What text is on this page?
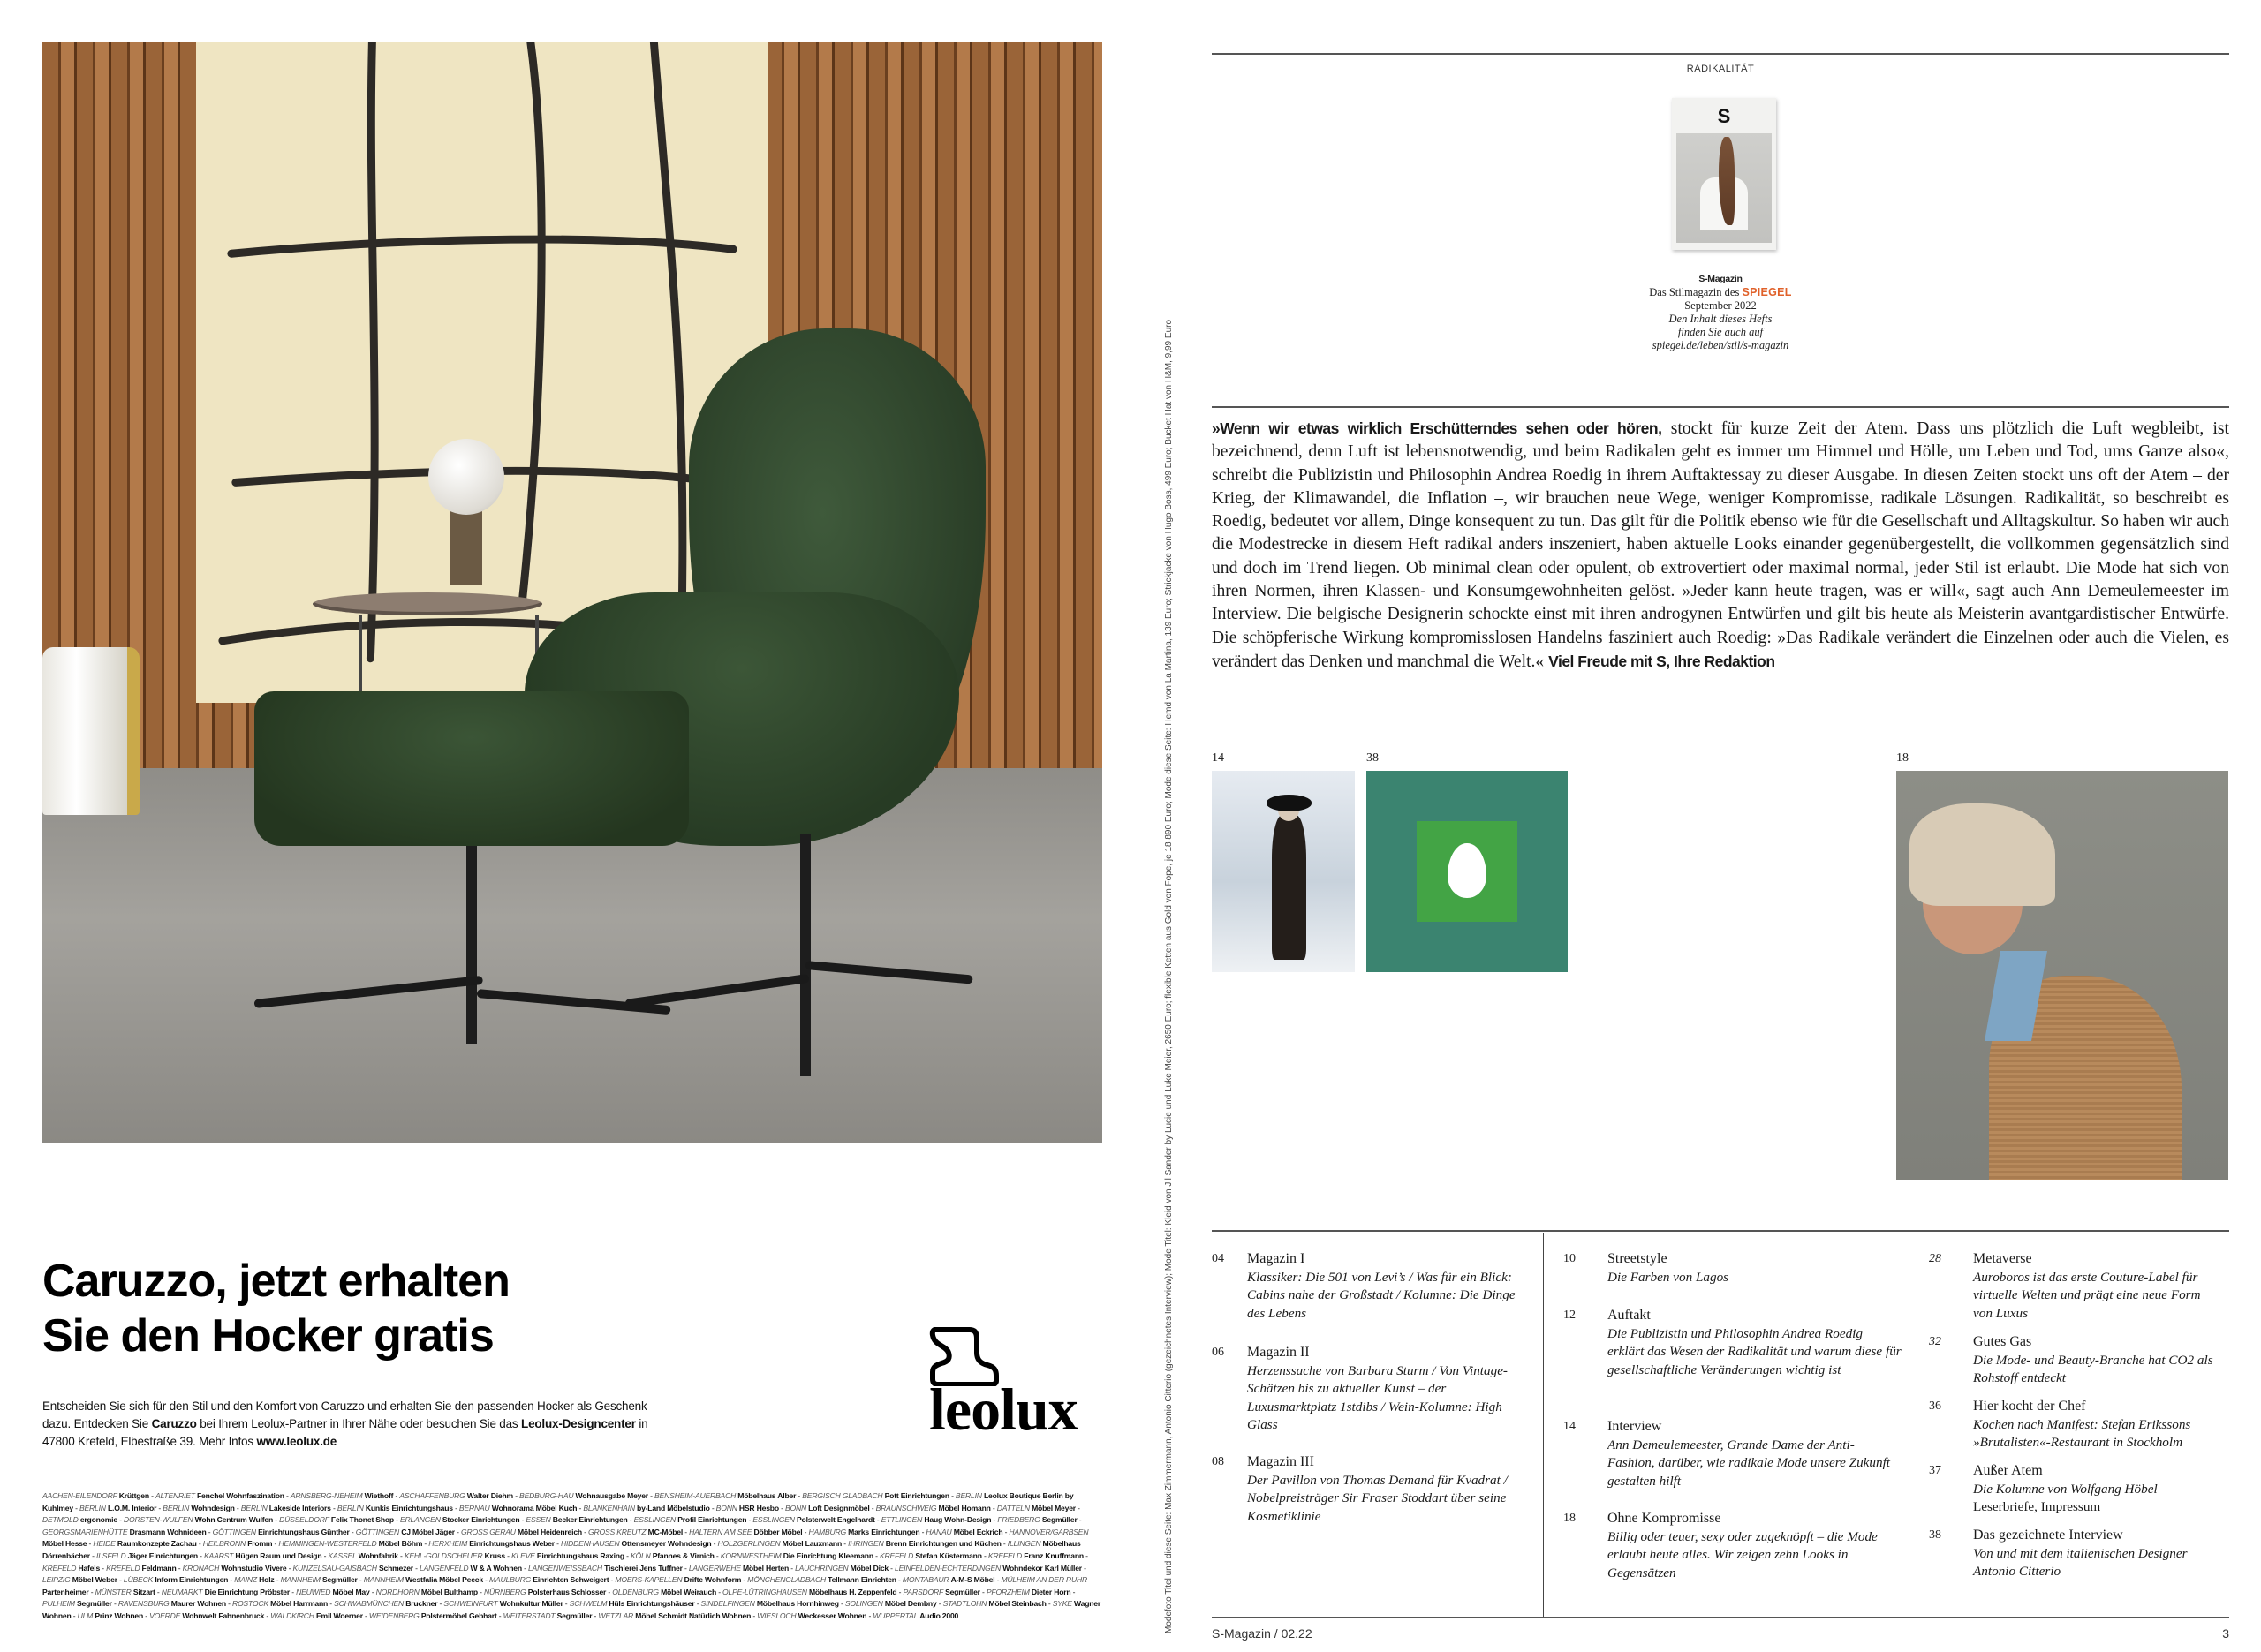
Caruzzo, jetzt erhalten
Sie den Hocker gratis
Entscheiden Sie sich für den Stil und den Komfort von Caruzzo und erhalten Sie den passenden Hocker als Geschenk dazu. Entdecken Sie Caruzzo bei Ihrem Leolux-Partner in Ihrer Nähe oder besuchen Sie das Leolux-Designcenter in 47800 Krefeld, Elbestraße 39. Mehr Infos www.leolux.de	leolux
AACHEN-EILENDORF Krüttgen - ALTENRIET Fenchel Wohnfaszination - ARNSBERG-NEHEIM Wiethoff - ASCHAFFENBURG Walter Diehm - BEDBURG-HAU Wohnausgabe Meyer - BENSHEIM-AUERBACH Möbelhaus Alber - BERGISCH GLADBACH Pott Einrichtungen - BERLIN Leolux Boutique Berlin by Kuhlmey - BERLIN L.O.M. Interior - BERLIN Wohndesign - BERLIN Lakeside Interiors - BERLIN Kunkis Einrichtungshaus - BERNAU Wohnorama Möbel Kuch - BLANKENHAIN by-Land Möbelstudio - BONN HSR Hesbo - BONN Loft Designmöbel - BRAUNSCHWEIG Möbel Homann - DATTELN Möbel Meyer - DETMOLD ergonomie - DORSTEN-WULFEN Wohn Centrum Wulfen - DÜSSELDORF Felix Thonet Shop - ERLANGEN Stocker Einrichtungen - ESSEN Becker Einrichtungen - ESSLINGEN Profil Einrichtungen - ESSLINGEN Polsterwelt Engelhardt - ETTLINGEN Haug Wohn-Design - FRIEDBERG Segmüller - GEORGSMARIENHÜTTE Drasmann Wohnideen - GÖTTINGEN Einrichtungshaus Günther - GÖTTINGEN CJ Möbel Jäger - GROSS GERAU Möbel Heidenreich - GROSS KREUTZ MC-Möbel - HALTERN AM SEE Döbber Möbel - HAMBURG Marks Einrichtungen - HANAU Möbel Eckrich - HANNOVER/GARBSEN Möbel Hesse - HEIDE Raumkonzepte Zachau - HEILBRONN Fromm - HEMMINGEN-WESTERFELD Möbel Böhm - HERXHEIM Einrichtungshaus Weber - HIDDENHAUSEN Ottensmeyer Wohndesign - HOLZGERLINGEN Möbel Lauxmann - IHRINGEN Brenn Einrichtungen und Küchen - ILLINGEN Möbelhaus Dörrenbächer - ILSFELD Jäger Einrichtungen - KAARST Hügen Raum und Design - KASSEL Wohnfabrik - KEHL-GOLDSCHEUER Kruss - KLEVE Einrichtungshaus Raxing - KÖLN Pfannes & Virnich - KORNWESTHEIM Die Einrichtung Kleemann - KREFELD Stefan Küstermann - KREFELD Franz Knuffmann - KREFELD Hafels - KREFELD Feldmann - KRONACH Wohnstudio Vivere - KÜNZELSAU-GAISBACH Schmezer - LANGENFELD W & A Wohnen - LANGENWEISSBACH Tischlerei Jens Tuffner - LANGERWEHE Möbel Herten - LAUCHRINGEN Möbel Dick - LEINFELDEN-ECHTERDINGEN Wohndekor Karl Müller - LEIPZIG Möbel Weber - LÜBECK Inform Einrichtungen - MAINZ Holz - MANNHEIM Segmüller - MANNHEIM Westfalia Möbel Peeck - MAULBURG Einrichten Schweigert - MOERS-KAPELLEN Drifte Wohnform - MÖNCHENGLADBACH Tellmann Einrichten - MONTABAUR A-M-S Möbel - MÜLHEIM AN DER RUHR Partenheimer - MÜNSTER Sitzart - NEUMARKT Die Einrichtung Pröbster - NEUWIED Möbel May - NORDHORN Möbel Bulthamp - NÜRNBERG Polsterhaus Schlosser - OLDENBURG Möbel Weirauch - OLPE-LÜTRINGHAUSEN Möbelhaus H. Zeppenfeld - PARSDORF Segmüller - PFORZHEIM Dieter Horn - PULHEIM Segmüller - RAVENSBURG Maurer Wohnen - ROSTOCK Möbel Harrmann - SCHWABMÜNCHEN Bruckner - SCHWEINFURT Wohnkultur Müller - SCHWELM Hüls Einrichtungshäuser - SINDELFINGEN Möbelhaus Hornhinweg - SOLINGEN Möbel Dembny - STADTLOHN Möbel Steinbach - SYKE Wagner Wohnen - ULM Prinz Wohnen - VOERDE Wohnwelt Fahnenbruck - WALDKIRCH Emil Woerner - WEIDENBERG Polstermöbel Gebhart - WEITERSTADT Segmüller - WETZLAR Möbel Schmidt Natürlich Wohnen - WIESLOCH Weckesser Wohnen - WUPPERTAL Audio 2000	Modefoto Titel und diese Seite: Max Zimmermann, Antonio Citterio (gezeichnetes Interview); Mode Titel: Kleid von Jil Sander by Lucie und Luke Meier, 2650 Euro; flexible Ketten aus Gold von Fope, je 18 890 Euro; Mode diese Seite: Hemd von La Martina, 139 Euro; Strickjacke von Hugo Boss, 499 Euro; Bucket Hat von H&M, 9,99 Euro
RADIKALITÄT
S
S-Magazin
Das Stilmagazin des SPIEGEL
September 2022
Den Inhalt dieses Hefts
finden Sie auch auf
spiegel.de/leben/stil/s-magazin
»Wenn wir etwas wirklich Erschütterndes sehen oder hören, stockt für kurze Zeit der Atem. Dass uns plötzlich die Luft wegbleibt, ist bezeichnend, denn Luft ist lebensnotwendig, und beim Radikalen geht es immer um Himmel und Hölle, um Leben und Tod, ums Ganze also«, schreibt die Publizistin und Philosophin Andrea Roedig in ihrem Auftaktessay zu dieser Ausgabe. In diesen Zeiten stockt uns oft der Atem – der Krieg, der Klimawandel, die Inflation –, wir brauchen neue Wege, weniger Kompromisse, radikale Lösungen. Radikalität, so beschreibt es Roedig, bedeutet vor allem, Dinge konsequent zu tun. Das gilt für die Politik ebenso wie für die Gesellschaft und Alltagskultur. So haben wir auch die Modestrecke in diesem Heft radikal anders inszeniert, haben aktuelle Looks einander gegenübergestellt, die vollkommen gegensätzlich sind und doch im Trend liegen. Ob minimal clean oder opulent, ob extrovertiert oder maximal normal, jeder Stil ist erlaubt. Die Mode hat sich von ihren Normen, ihren Klassen- und Konsumgewohnheiten gelöst. »Jeder kann heute tragen, was er will«, sagt auch Ann Demeulemeester im Interview. Die belgische Designerin schockte einst mit ihren androgynen Entwürfen und gilt bis heute als Meisterin avantgardistischer Entwürfe. Die schöpferische Wirkung kompromisslosen Handelns fasziniert auch Roedig: »Das Radikale verändert die Einzelnen oder auch die Vielen, es verändert das Denken und manchmal die Welt.« Viel Freude mit S, Ihre Redaktion
14	38	18
04	Magazin I
Klassiker: Die 501 von Levi’s / Was für ein Blick: Cabins nahe der Großstadt / Kolumne: Die Dinge des Lebens
06	Magazin II
Herzenssache von Barbara Sturm / Von Vintage-Schätzen bis zu aktueller Kunst – der Luxusmarktplatz 1stdibs / Wein-Kolumne: High Glass
08	Magazin III
Der Pavillon von Thomas Demand für Kvadrat / Nobelpreisträger Sir Fraser Stoddart über seine Kosmetiklinie
10	Streetstyle
Die Farben von Lagos
12	Auftakt
Die Publizistin und Philosophin Andrea Roedig erklärt das Wesen der Radikalität und warum diese für gesellschaftliche Veränderungen wichtig ist
14	Interview
Ann Demeulemeester, Grande Dame der Anti-Fashion, darüber, wie radikale Mode unsere Zukunft gestalten hilft
18	Ohne Kompromisse
Billig oder teuer, sexy oder zugeknöpft – die Mode erlaubt heute alles. Wir zeigen zehn Looks in Gegensätzen
28	Metaverse
Auroboros ist das erste Couture-Label für virtuelle Welten und prägt eine neue Form von Luxus
32	Gutes Gas
Die Mode- und Beauty-Branche hat CO2 als Rohstoff entdeckt
36	Hier kocht der Chef
Kochen nach Manifest: Stefan Erikssons »Brutalisten«-Restaurant in Stockholm
37	Außer Atem
Die Kolumne von Wolfgang Höbel
Leserbriefe, Impressum
38	Das gezeichnete Interview
Von und mit dem italienischen Designer Antonio Citterio
S-Magazin / 02.22	3
